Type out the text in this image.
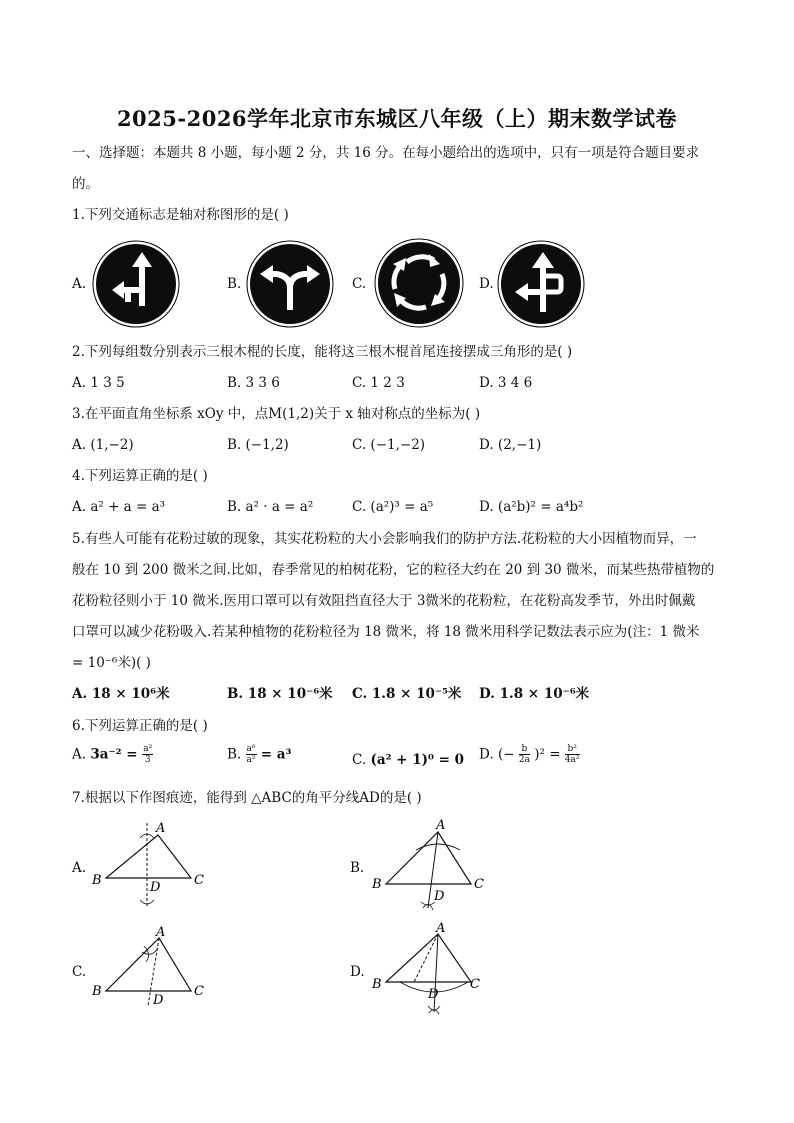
2025-2026学年北京市东城区八年级（上）期末数学试卷
一、选择题：本题共 8 小题，每小题 2 分，共 16 分。在每小题给出的选项中，只有一项是符合题目要求
的。
1.下列交通标志是轴对称图形的是( )
A.	B.	C.	D.
2.下列每组数分别表示三根木棍的长度，能将这三根木棍首尾连接摆成三角形的是( )
A. 1 3 5	B. 3 3 6	C. 1 2 3	D. 3 4 6
3.在平面直角坐标系 xOy 中，点M(1,2)关于 x 轴对称点的坐标为( )
A. (1,−2)	B. (−1,2)	C. (−1,−2)	D. (2,−1)
4.下列运算正确的是( )
A. a² + a = a³	B. a² · a = a²	C. (a²)³ = a⁵	D. (a²b)² = a⁴b²
5.有些人可能有花粉过敏的现象，其实花粉粒的大小会影响我们的防护方法.花粉粒的大小因植物而异，一
般在 10 到 200 微米之间.比如，春季常见的柏树花粉，它的粒径大约在 20 到 30 微米，而某些热带植物的
花粉粒径则小于 10 微米.医用口罩可以有效阻挡直径大于 3微米的花粉粒，在花粉高发季节，外出时佩戴
口罩可以减少花粉吸入.若某种植物的花粉粒径为 18 微米，将 18 微米用科学记数法表示应为(注：1 微米
= 10⁻⁶米)( )
A. 18 × 10⁶米	B. 18 × 10⁻⁶米 C. 1.8 × 10⁻⁵米 D. 1.8 × 10⁻⁶米
6.下列运算正确的是( )
A. $3a^{-2} = \frac{\text{a²}}{3}$	B. $\frac{\text{a⁶}}{\text{a²}} = a^3$	C. (a² + 1)⁰ = 0 D. (− $\frac{b}{2a} )^2 = \frac{\text{b²}}{\text{4a²}}$
7.根据以下作图痕迹，能得到 △ABC的角平分线AD的是( )
A.
A
B	C
D
B.
A
B	C
D
C.
A
B	C
D
D.
A
B	C
D
